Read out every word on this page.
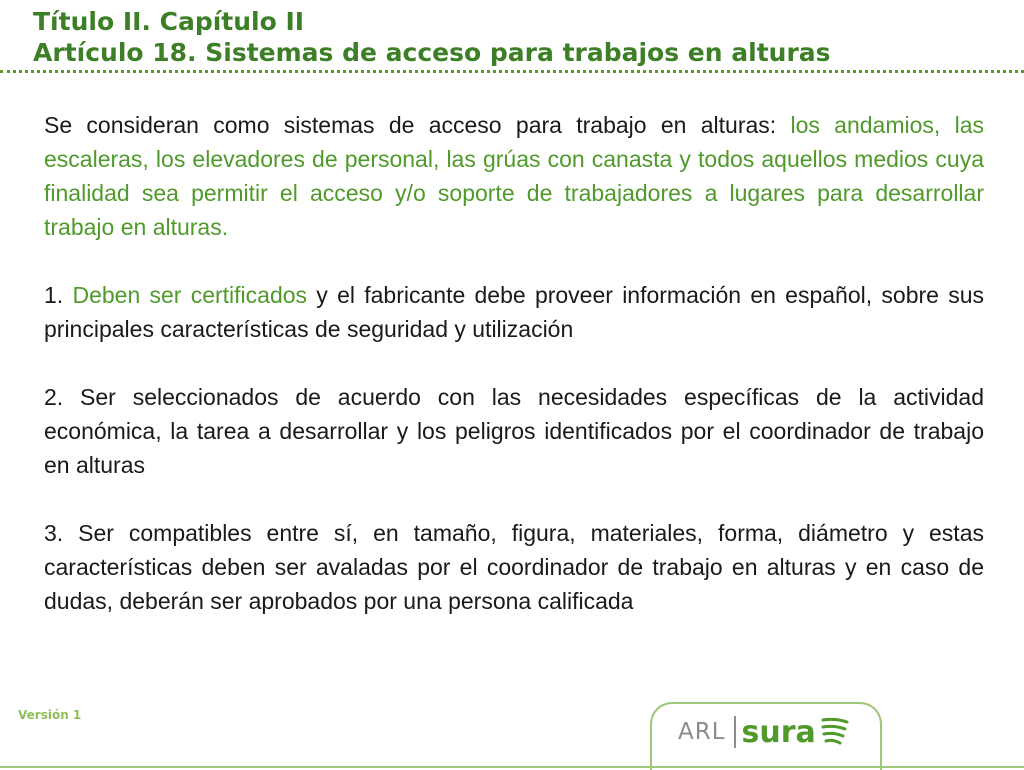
Título II. Capítulo II
Artículo 18. Sistemas de acceso para trabajos en alturas

Se consideran como sistemas de acceso para trabajo en alturas: los andamios, las escaleras, los elevadores de personal, las grúas con canasta y todos aquellos medios cuya finalidad sea permitir el acceso y/o soporte de trabajadores a lugares para desarrollar trabajo en alturas.

1. Deben ser certificados y el fabricante debe proveer información en español, sobre sus principales características de seguridad y utilización

2. Ser seleccionados de acuerdo con las necesidades específicas de la actividad económica, la tarea a desarrollar y los peligros identificados por el coordinador de trabajo en alturas

3. Ser compatibles entre sí, en tamaño, figura, materiales, forma, diámetro y estas características deben ser avaladas por el coordinador de trabajo en alturas y en caso de dudas, deberán ser aprobados por una persona calificada

Versión 1
ARL sura
